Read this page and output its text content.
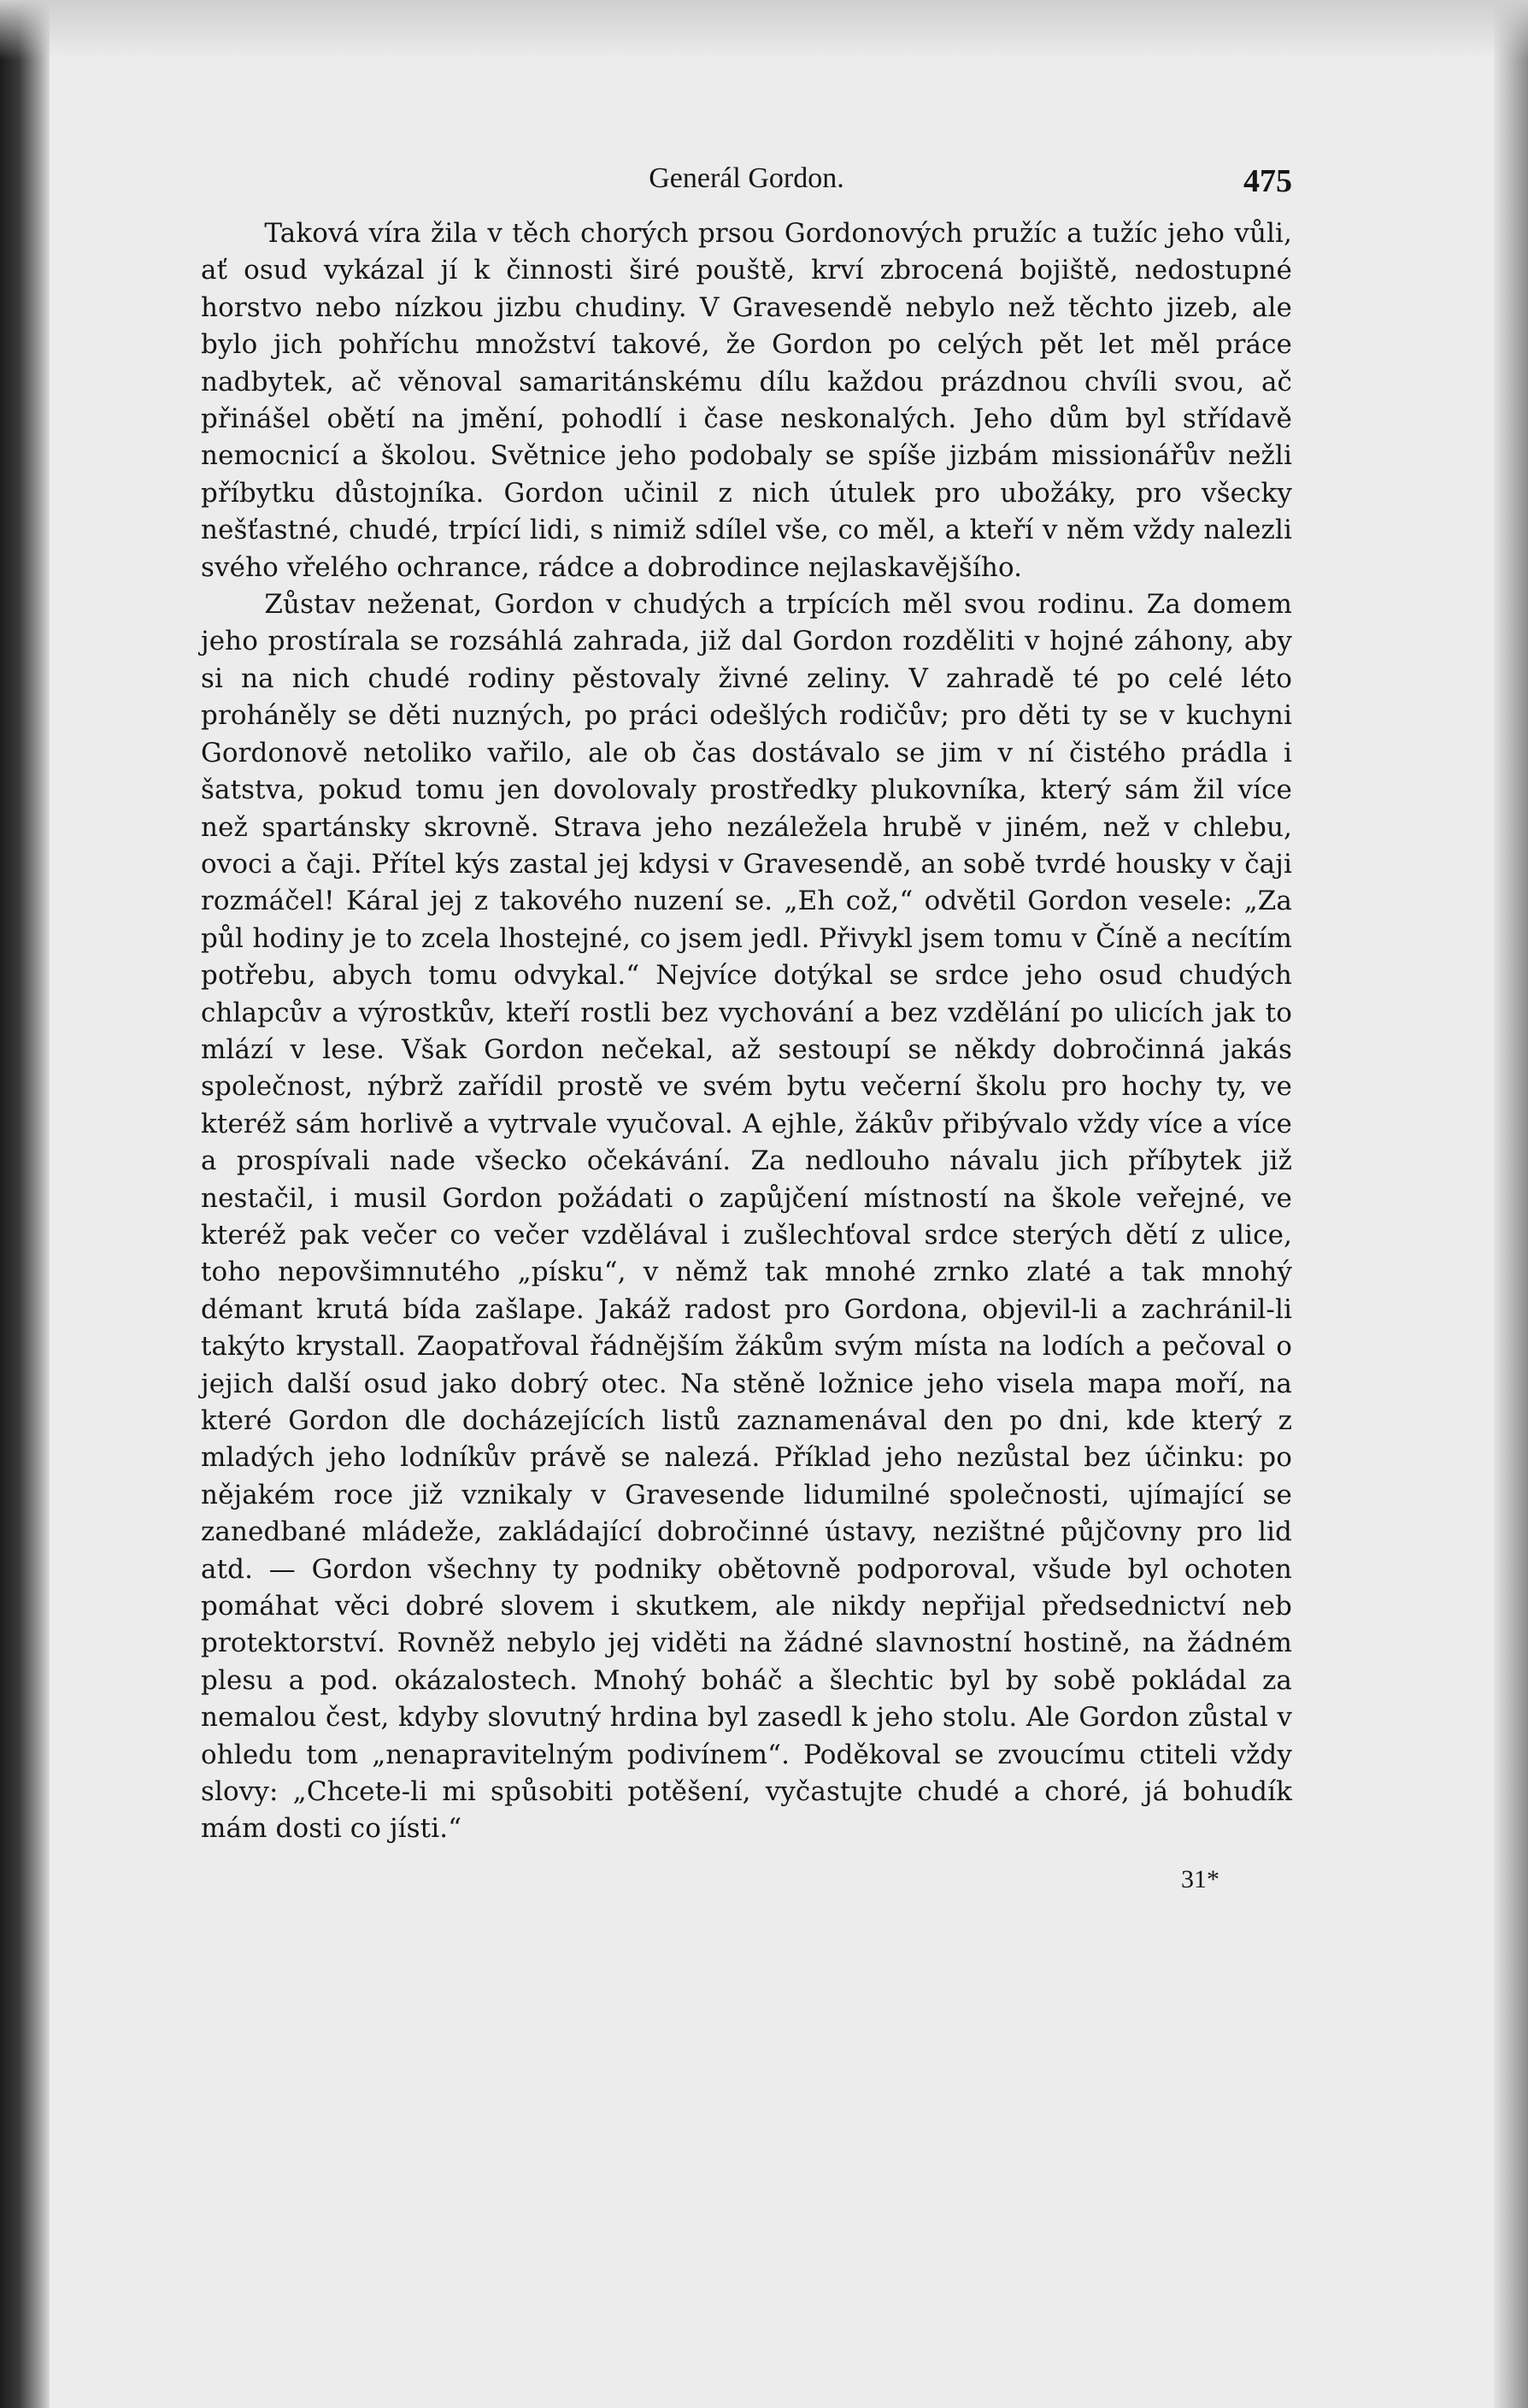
Generál Gordon.	475

Taková víra žila v těch chorých prsou Gordonových pružíc a tužíc jeho vůli, ať osud vykázal jí k činnosti širé pouště, krví zbrocená bojiště, nedostupné horstvo nebo nízkou jizbu chudiny. V Gravesendě nebylo než těchto jizeb, ale bylo jich pohříchu množství takové, že Gordon po celých pět let měl práce nadbytek, ač věnoval samaritánskému dílu každou prázdnou chvíli svou, ač přinášel obětí na jmění, pohodlí i čase neskonalých. Jeho dům byl střídavě nemocnicí a školou. Světnice jeho podobaly se spíše jizbám missionářův nežli příbytku důstojníka. Gordon učinil z nich útulek pro ubožáky, pro všecky nešťastné, chudé, trpící lidi, s nimiž sdílel vše, co měl, a kteří v něm vždy nalezli svého vřelého ochrance, rádce a dobrodince nejlaskavějšího.

Zůstav neženat, Gordon v chudých a trpících měl svou rodinu. Za domem jeho prostírala se rozsáhlá zahrada, již dal Gordon rozděliti v hojné záhony, aby si na nich chudé rodiny pěstovaly živné zeliny. V zahradě té po celé léto proháněly se děti nuzných, po práci odešlých rodičův; pro děti ty se v kuchyni Gordonově netoliko vařilo, ale ob čas dostávalo se jim v ní čistého prádla i šatstva, pokud tomu jen dovolovaly prostředky plukovníka, který sám žil více než spartánsky skrovně. Strava jeho nezáležela hrubě v jiném, než v chlebu, ovoci a čaji. Přítel kýs zastal jej kdysi v Gravesendě, an sobě tvrdé housky v čaji rozmáčel! Káral jej z takového nuzení se. „Eh což,“ odvětil Gordon vesele: „Za půl hodiny je to zcela lhostejné, co jsem jedl. Přivykl jsem tomu v Číně a necítím potřebu, abych tomu odvykal.“ Nejvíce dotýkal se srdce jeho osud chudých chlapcův a výrostkův, kteří rostli bez vychování a bez vzdělání po ulicích jak to mlází v lese. Však Gordon nečekal, až sestoupí se někdy dobročinná jakás společnost, nýbrž zařídil prostě ve svém bytu večerní školu pro hochy ty, ve kteréž sám horlivě a vytrvale vyučoval. A ejhle, žákův přibývalo vždy více a více a prospívali nade všecko očekávání. Za nedlouho návalu jich příbytek již nestačil, i musil Gordon požádati o zapůjčení místností na škole veřejné, ve kteréž pak večer co večer vzdělával i zušlechťoval srdce sterých dětí z ulice, toho nepovšimnutého „písku“, v němž tak mnohé zrnko zlaté a tak mnohý démant krutá bída zašlape. Jakáž radost pro Gordona, objevil-li a zachránil-li takýto krystall. Zaopatřoval řádnějším žákům svým místa na lodích a pečoval o jejich další osud jako dobrý otec. Na stěně ložnice jeho visela mapa moří, na které Gordon dle docházejících listů zaznamenával den po dni, kde který z mladých jeho lodníkův právě se nalezá. Příklad jeho nezůstal bez účinku: po nějakém roce již vznikaly v Gravesende lidumilné společnosti, ujímající se zanedbané mládeže, zakládající dobročinné ústavy, nezištné půjčovny pro lid atd. — Gordon všechny ty podniky obětovně podporoval, všude byl ochoten pomáhat věci dobré slovem i skutkem, ale nikdy nepřijal předsednictví neb protektorství. Rovněž nebylo jej viděti na žádné slavnostní hostině, na žádném plesu a pod. okázalostech. Mnohý boháč a šlechtic byl by sobě pokládal za nemalou čest, kdyby slovutný hrdina byl zasedl k jeho stolu. Ale Gordon zůstal v ohledu tom „nenapravitelným podivínem“. Poděkoval se zvoucímu ctiteli vždy slovy: „Chcete-li mi spůsobiti potěšení, vyčastujte chudé a choré, já bohudík mám dosti co jísti.“

31*
